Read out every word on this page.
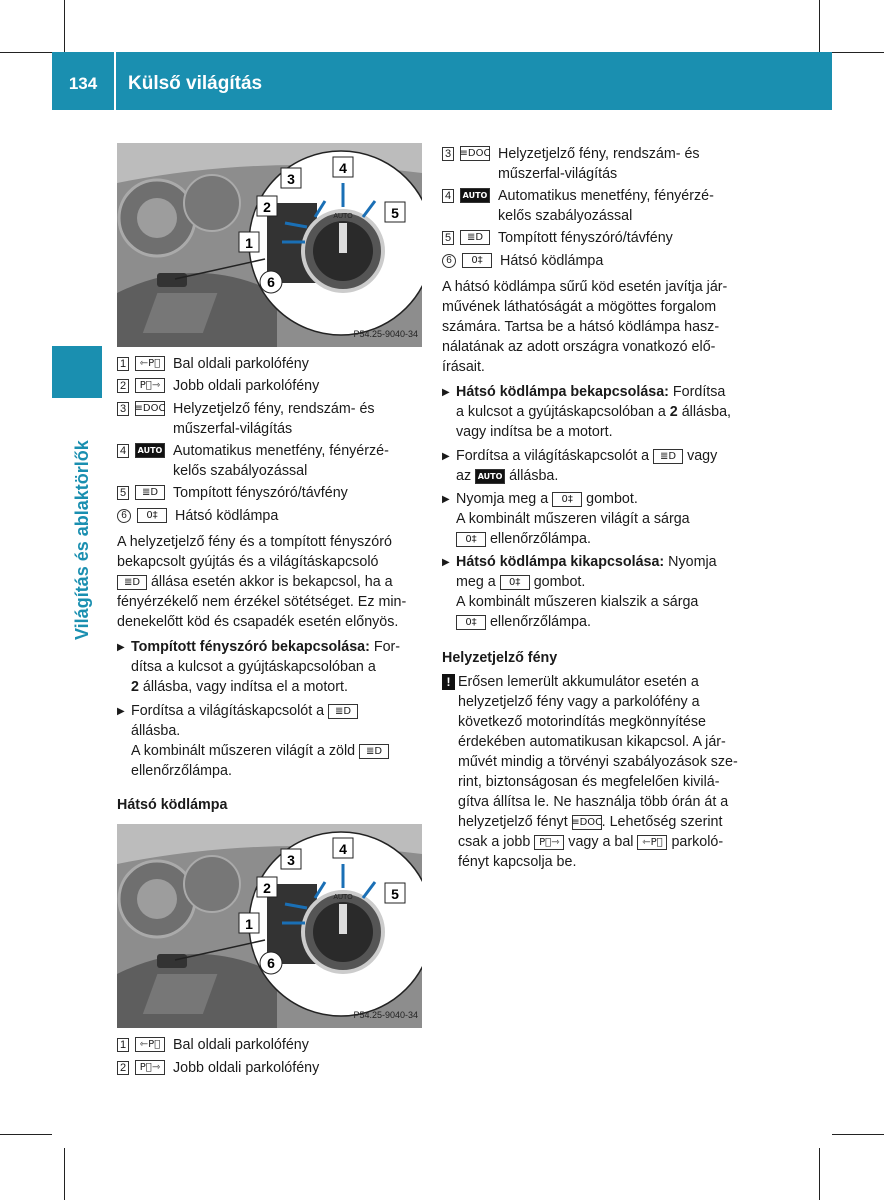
134	Külső világítás
Világítás és ablaktörlők
AUTO
3
4
2	5
1
6
P54.25-9040-34
1	⇽P⃒ Bal oldali parkolófény
2	P⃒⇾ Jobb oldali parkolófény
3 ≡DOC Helyzetjelző fény, rendszám- és műszerfal-világítás
4	AUTO Automatikus menetfény, fényérzé-kelős szabályozással
5	≣D	Tompított fényszóró/távfény
6	0‡	Hátsó ködlámpa
A helyzetjelző fény és a tompított fényszóró
bekapcsolt gyújtás és a világításkapcsoló
≣D állása esetén akkor is bekapcsol, ha a
fényérzékelő nem érzékel sötétséget. Ez min-
denekelőtt köd és csapadék esetén előnyös.
▶ Tompított fényszóró bekapcsolása: For-
dítsa a kulcsot a gyújtáskapcsolóban a
2 állásba, vagy indítsa el a motort.
▶ Fordítsa a világításkapcsolót a ≣D
állásba.
A kombinált műszeren világít a zöld ≣D
ellenőrzőlámpa.
Hátsó ködlámpa
AUTO
3
4
2	5
1
6
P54.25-9040-34
1	⇽P⃒ Bal oldali parkolófény
2	P⃒⇾ Jobb oldali parkolófény
3 ≡DOC Helyzetjelző fény, rendszám- és műszerfal-világítás
4	AUTO Automatikus menetfény, fényérzé-kelős szabályozással
5	≣D	Tompított fényszóró/távfény
6	0‡	Hátsó ködlámpa
A hátsó ködlámpa sűrű köd esetén javítja jár-
művének láthatóságát a mögöttes forgalom
számára. Tartsa be a hátsó ködlámpa hasz-
nálatának az adott országra vonatkozó elő-
írásait.
▶ Hátsó ködlámpa bekapcsolása: Fordítsa
a kulcsot a gyújtáskapcsolóban a 2 állásba,
vagy indítsa be a motort.
▶ Fordítsa a világításkapcsolót a ≣D vagy
az AUTO állásba.
▶ Nyomja meg a 0‡ gombot.
A kombinált műszeren világít a sárga
0‡ ellenőrzőlámpa.
▶ Hátsó ködlámpa kikapcsolása: Nyomja
meg a 0‡ gombot.
A kombinált műszeren kialszik a sárga
0‡ ellenőrzőlámpa.
Helyzetjelző fény
! Erősen lemerült akkumulátor esetén a
helyzetjelző fény vagy a parkolófény a
következő motorindítás megkönnyítése
érdekében automatikusan kikapcsol. A jár-
művét mindig a törvényi szabályozások sze-
rint, biztonságosan és megfelelően kivilá-
gítva állítsa le. Ne használja több órán át a
helyzetjelző fényt ≡DOC. Lehetőség szerint
csak a jobb P⃒⇾ vagy a bal ⇽P⃒ parkoló-
fényt kapcsolja be.
